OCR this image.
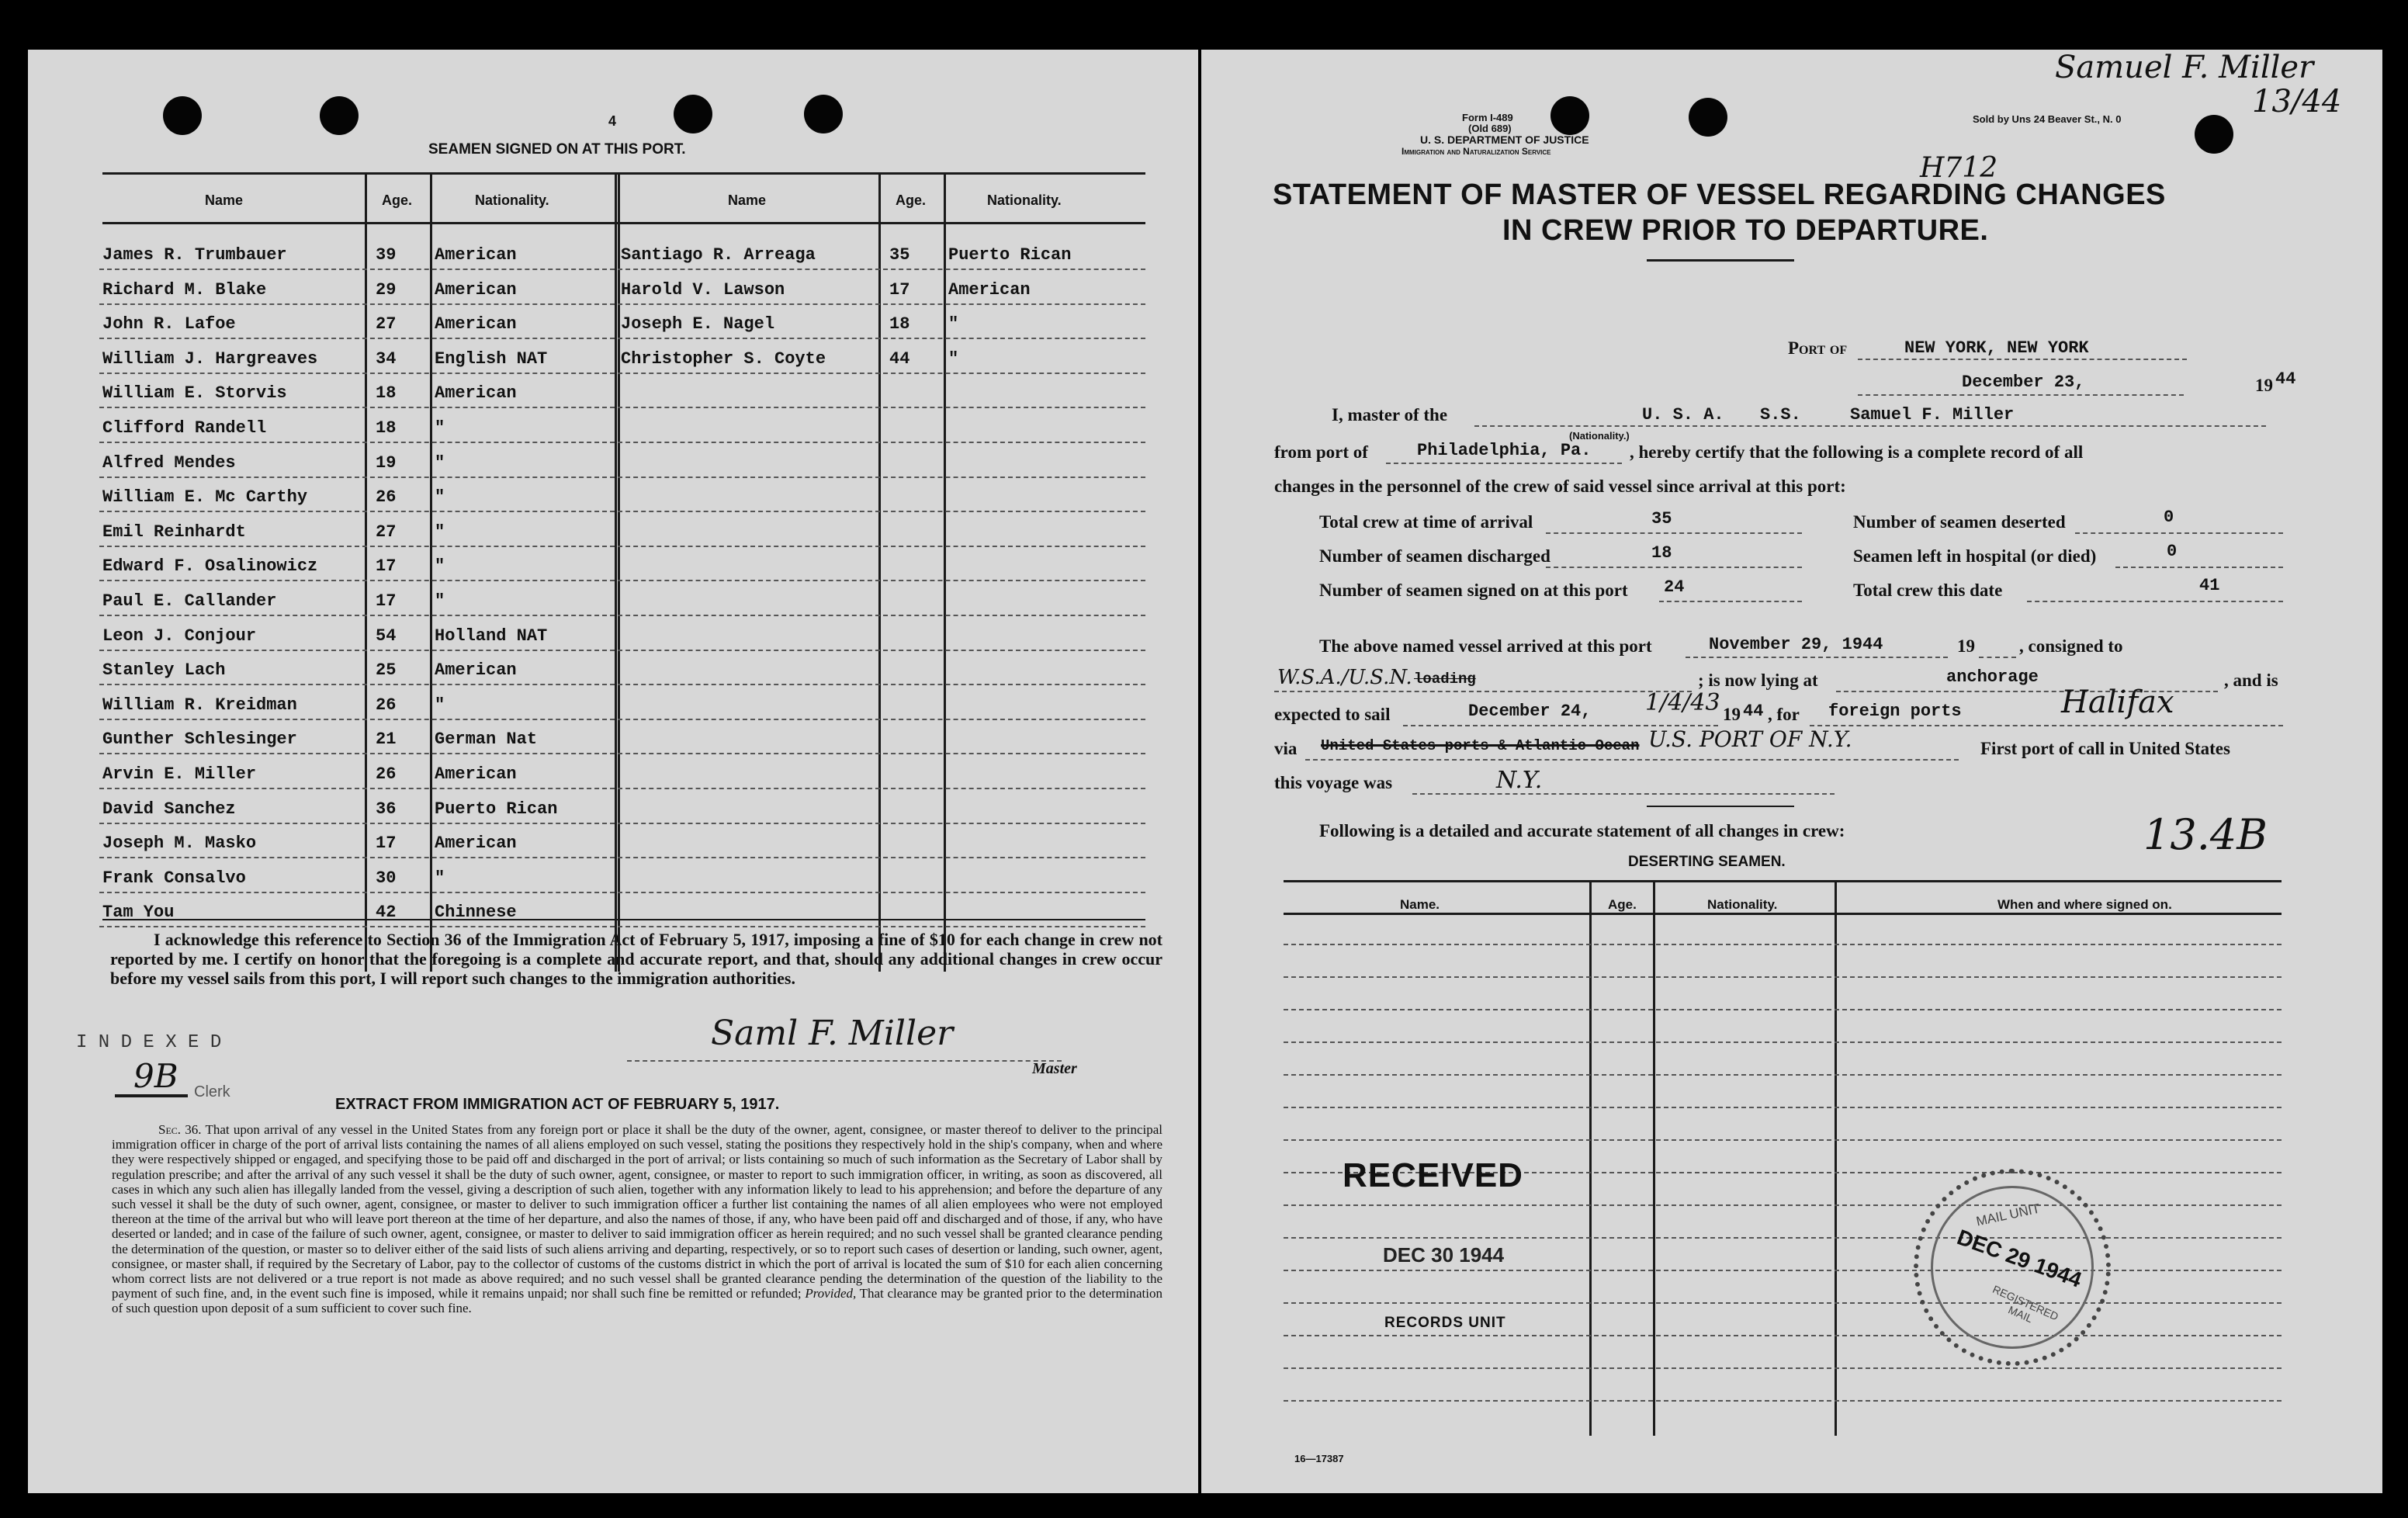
4
SEAMEN SIGNED ON AT THIS PORT.
Name	Age.	Nationality.	Name	Age.	Nationality.
James R. Trumbauer	39 American	Santiago R. Arreaga	35 Puerto Rican
Richard M. Blake	29 American	Harold V. Lawson	17 American
John R. Lafoe	27 American	Joseph E. Nagel	18 "
William J. Hargreaves	34 English NAT	Christopher S. Coyte	44 "
William E. Storvis	18 American
Clifford Randell	18 "
Alfred Mendes	19 "
William E. Mc Carthy	26 "
Emil Reinhardt	27 "
Edward F. Osalinowicz	17 "
Paul E. Callander	17 "
Leon J. Conjour	54 Holland NAT
Stanley Lach	25 American
William R. Kreidman	26 "
Gunther Schlesinger	21 German Nat
Arvin E. Miller	26 American
David Sanchez	36 Puerto Rican
Joseph M. Masko	17 American
Frank Consalvo	30 "
Tam You	42 Chinnese
I acknowledge this reference to Section 36 of the Immigration Act of February 5, 1917, imposing a fine of $10 for each change in crew not reported by me. I certify on honor that the foregoing is a complete and accurate report, and that, should any additional changes in crew occur before my vessel sails from this port, I will report such changes to the immigration authorities.
I N D E X E D	Saml F. Miller
Master
9B Clerk
EXTRACT FROM IMMIGRATION ACT OF FEBRUARY 5, 1917.
Sec. 36. That upon arrival of any vessel in the United States from any foreign port or place it shall be the duty of the owner, agent, consignee, or master thereof to deliver to the principal immigration officer in charge of the port of arrival lists containing the names of all aliens employed on such vessel, stating the positions they respectively hold in the ship's company, when and where they were respectively shipped or engaged, and specifying those to be paid off and discharged in the port of arrival; or lists containing so much of such information as the Secretary of Labor shall by regulation prescribe; and after the arrival of any such vessel it shall be the duty of such owner, agent, consignee, or master to report to such immigration officer, in writing, as soon as discovered, all cases in which any such alien has illegally landed from the vessel, giving a description of such alien, together with any information likely to lead to his apprehension; and before the departure of any such vessel it shall be the duty of such owner, agent, consignee, or master to deliver to such immigration officer a further list containing the names of all alien employees who were not employed thereon at the time of the arrival but who will leave port thereon at the time of her departure, and also the names of those, if any, who have been paid off and discharged and of those, if any, who have deserted or landed; and in case of the failure of such owner, agent, consignee, or master to deliver to said immigration officer as herein required; and no such vessel shall be granted clearance pending the determination of the question, or master so to deliver either of the said lists of such aliens arriving and departing, respectively, or so to report such cases of desertion or landing, such owner, agent, consignee, or master shall, if required by the Secretary of Labor, pay to the collector of customs of the customs district in which the port of arrival is located the sum of $10 for each alien concerning whom correct lists are not delivered or a true report is not made as above required; and no such vessel shall be granted clearance pending the determination of the question of the liability to the payment of such fine, and, in the event such fine is imposed, while it remains unpaid; nor shall such fine be remitted or refunded; Provided, That clearance may be granted prior to the determination of such question upon deposit of a sum sufficient to cover such fine.
Form I-489
(Old 689)
U. S. DEPARTMENT OF JUSTICE
Immigration and Naturalization Service
Sold by Uns 24 Beaver St., N. 0
Samuel F. Miller
13/44
H712
STATEMENT OF MASTER OF VESSEL REGARDING CHANGES
IN CREW PRIOR TO DEPARTURE.
Port of	NEW YORK, NEW YORK
December 23,	19 44
I, master of the	U. S. A.
(Nationality.)
S.S.	Samuel F. Miller
from port of	Philadelphia, Pa. , hereby certify that the following is a complete record of all
changes in the personnel of the crew of said vessel since arrival at this port:
Total crew at time of arrival	35
Number of seamen discharged	18
Number of seamen signed on at this port 24
Number of seamen deserted	0
Seamen left in hospital (or died)	0
Total crew this date	41
The above named vessel arrived at this port	November 29, 1944	19 , consigned to
W.S.A./U.S.N. loading	; is now lying at	anchorage	, and is
expected to sail	December 24, 1/4/43 19 44 , for foreign ports	Halifax
via United States ports & Atlantic Ocean U.S. PORT OF N.Y.	First port of call in United States
this voyage was	N.Y.
Following is a detailed and accurate statement of all changes in crew:	13.4B
DESERTING SEAMEN.
Name.	Age.	Nationality.	When and where signed on.
RECEIVED
DEC 30 1944
RECORDS UNIT
MAIL UNIT
DEC 29 1944
REGISTERED MAIL
16—17387
